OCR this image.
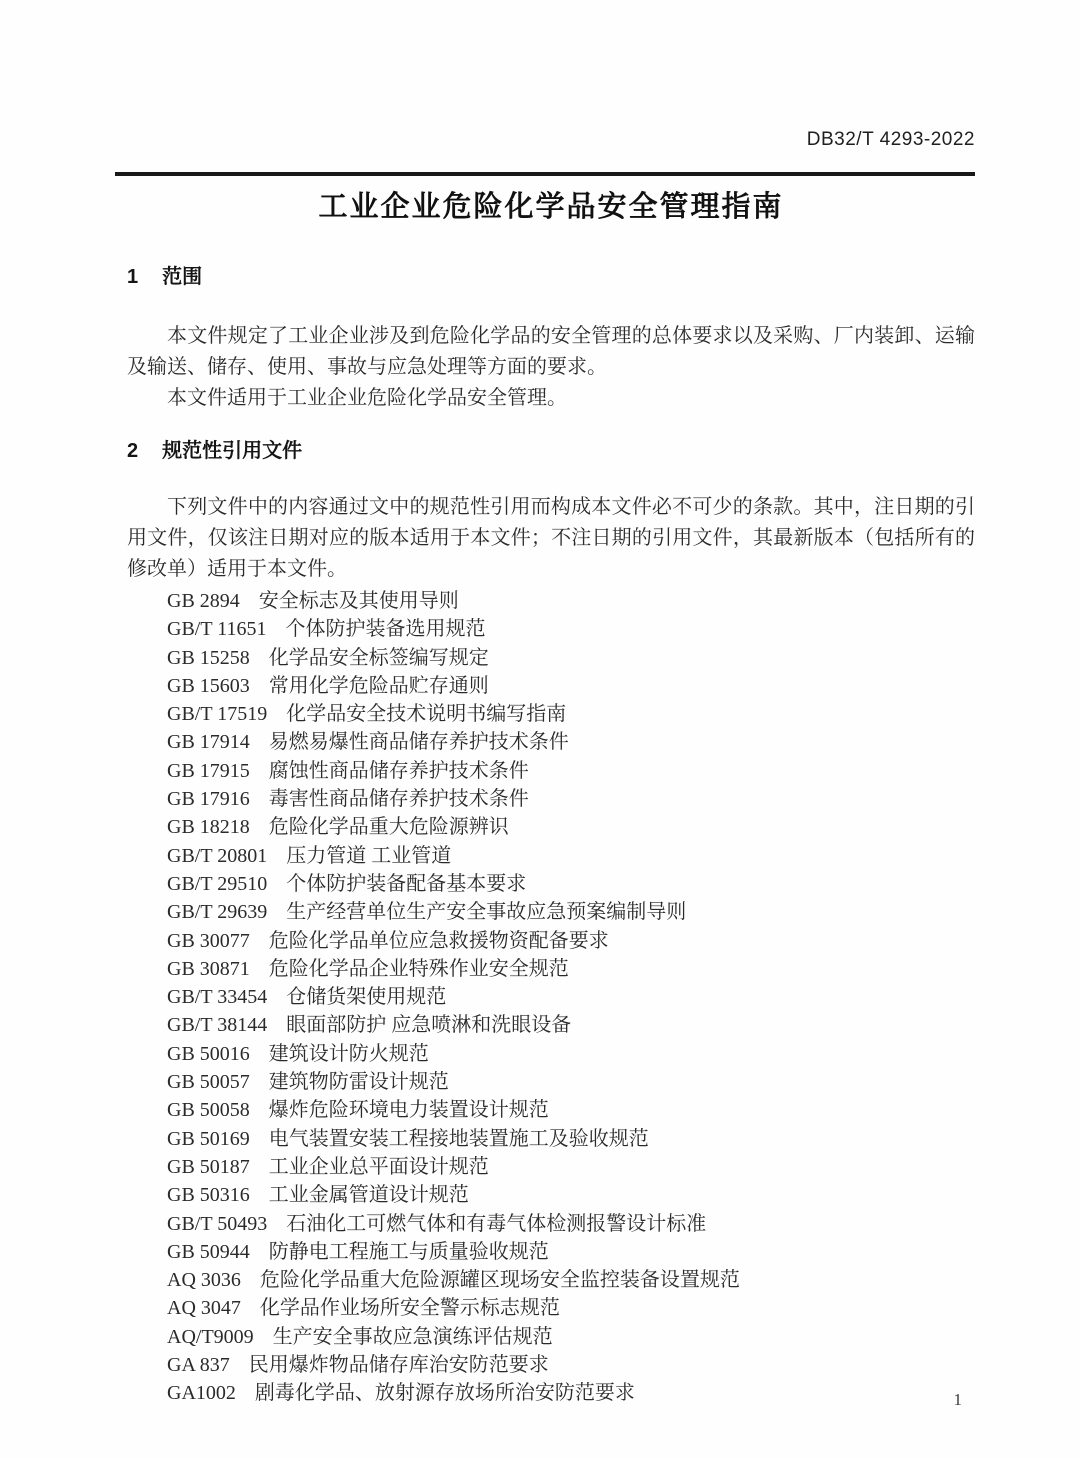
DB32/T 4293-2022
工业企业危险化学品安全管理指南
1 范围

本文件规定了工业企业涉及到危险化学品的安全管理的总体要求以及采购、厂内装卸、运输及输送、储存、使用、事故与应急处理等方面的要求。

本文件适用于工业企业危险化学品安全管理。

2 规范性引用文件

下列文件中的内容通过文中的规范性引用而构成本文件必不可少的条款。其中，注日期的引用文件，仅该注日期对应的版本适用于本文件；不注日期的引用文件，其最新版本（包括所有的修改单）适用于本文件。

GB 2894 安全标志及其使用导则
GB/T 11651 个体防护装备选用规范
GB 15258 化学品安全标签编写规定
GB 15603 常用化学危险品贮存通则
GB/T 17519 化学品安全技术说明书编写指南
GB 17914 易燃易爆性商品储存养护技术条件
GB 17915 腐蚀性商品储存养护技术条件
GB 17916 毒害性商品储存养护技术条件
GB 18218 危险化学品重大危险源辨识
GB/T 20801 压力管道 工业管道
GB/T 29510 个体防护装备配备基本要求
GB/T 29639 生产经营单位生产安全事故应急预案编制导则
GB 30077 危险化学品单位应急救援物资配备要求
GB 30871 危险化学品企业特殊作业安全规范
GB/T 33454 仓储货架使用规范
GB/T 38144 眼面部防护 应急喷淋和洗眼设备
GB 50016 建筑设计防火规范
GB 50057 建筑物防雷设计规范
GB 50058 爆炸危险环境电力装置设计规范
GB 50169 电气装置安装工程接地装置施工及验收规范
GB 50187 工业企业总平面设计规范
GB 50316 工业金属管道设计规范
GB/T 50493 石油化工可燃气体和有毒气体检测报警设计标准
GB 50944 防静电工程施工与质量验收规范
AQ 3036 危险化学品重大危险源罐区现场安全监控装备设置规范
AQ 3047 化学品作业场所安全警示标志规范
AQ/T9009 生产安全事故应急演练评估规范
GA 837 民用爆炸物品储存库治安防范要求
GA1002 剧毒化学品、放射源存放场所治安防范要求	1
